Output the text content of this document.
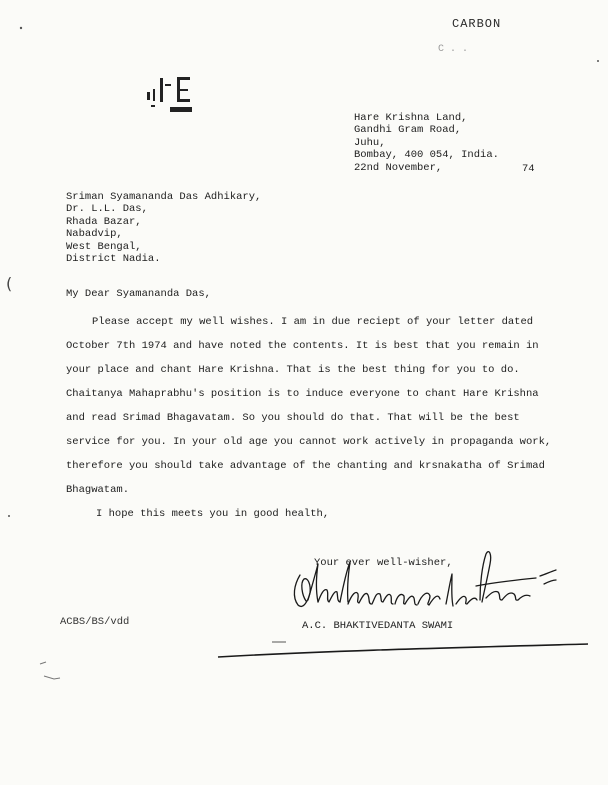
CARBON
C . .
(
Hare Krishna Land,
Gandhi Gram Road,
Juhu,
Bombay, 400 054, India.
22nd November,	74
Sriman Syamananda Das Adhikary,
Dr. L.L. Das,
Rhada Bazar,
Nabadvip,
West Bengal,
District Nadia.
My Dear Syamananda Das,
Please accept my well wishes. I am in due reciept of your letter dated
October 7th 1974 and have noted the contents. It is best that you remain in
your place and chant Hare Krishna. That is the best thing for you to do.
Chaitanya Mahaprabhu's position is to induce everyone to chant Hare Krishna
and read Srimad Bhagavatam. So you should do that. That will be the best
service for you. In your old age you cannot work actively in propaganda work,
therefore you should take advantage of the chanting and krsnakatha of Srimad
Bhagwatam.
I hope this meets you in good health,
Your ever well-wisher,
A.C. BHAKTIVEDANTA SWAMI
ACBS/BS/vdd
